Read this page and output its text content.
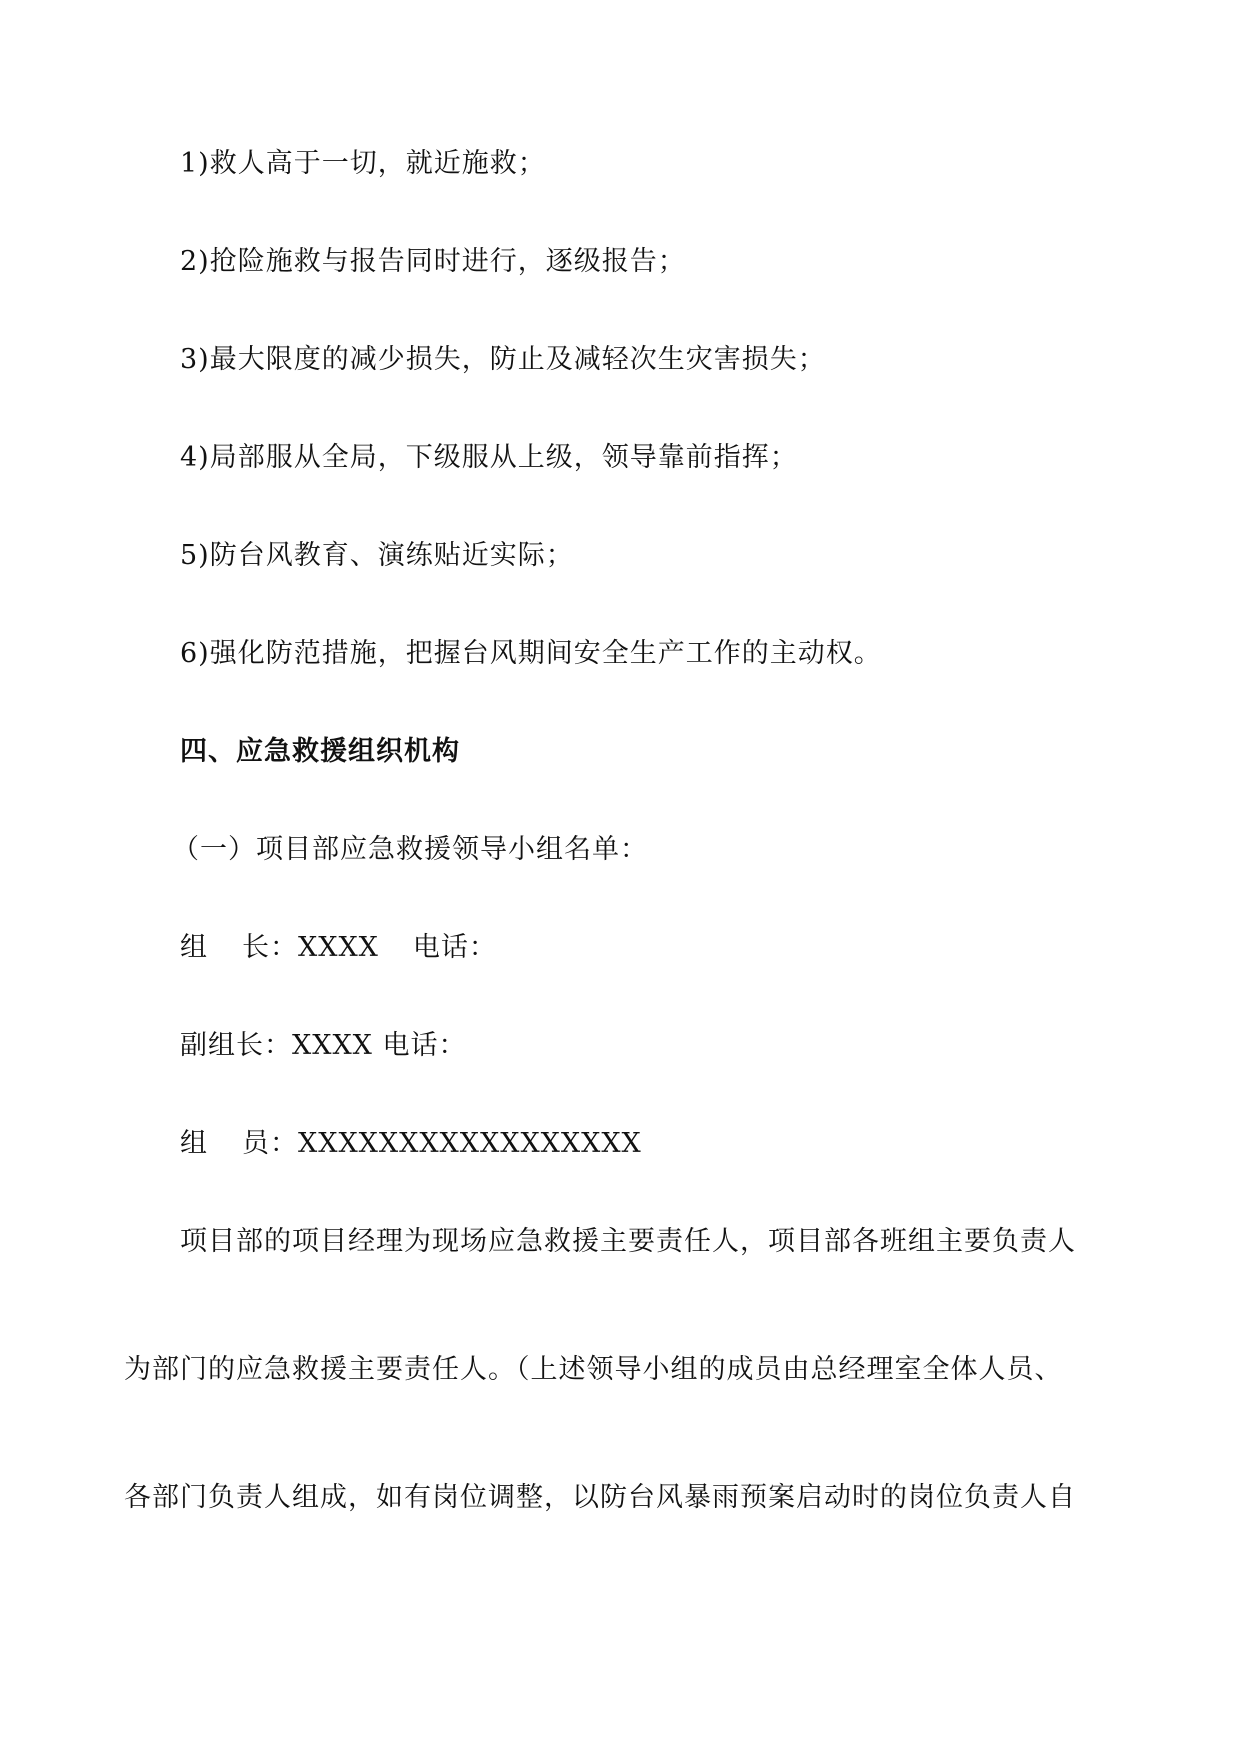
1)救人高于一切，就近施救；
2)抢险施救与报告同时进行，逐级报告；
3)最大限度的减少损失，防止及减轻次生灾害损失；
4)局部服从全局，下级服从上级，领导靠前指挥；
5)防台风教育、演练贴近实际；
6)强化防范措施，把握台风期间安全生产工作的主动权。
四、应急救援组织机构
（一）项目部应急救援领导小组名单：
组 长：XXXX 电话：
副组长：XXXX 电话：
组 员：XXXXXXXXXXXXXXXXX
项目部的项目经理为现场应急救援主要责任人，项目部各班组主要负责人
为部门的应急救援主要责任人。（上述领导小组的成员由总经理室全体人员、
各部门负责人组成，如有岗位调整，以防台风暴雨预案启动时的岗位负责人自
